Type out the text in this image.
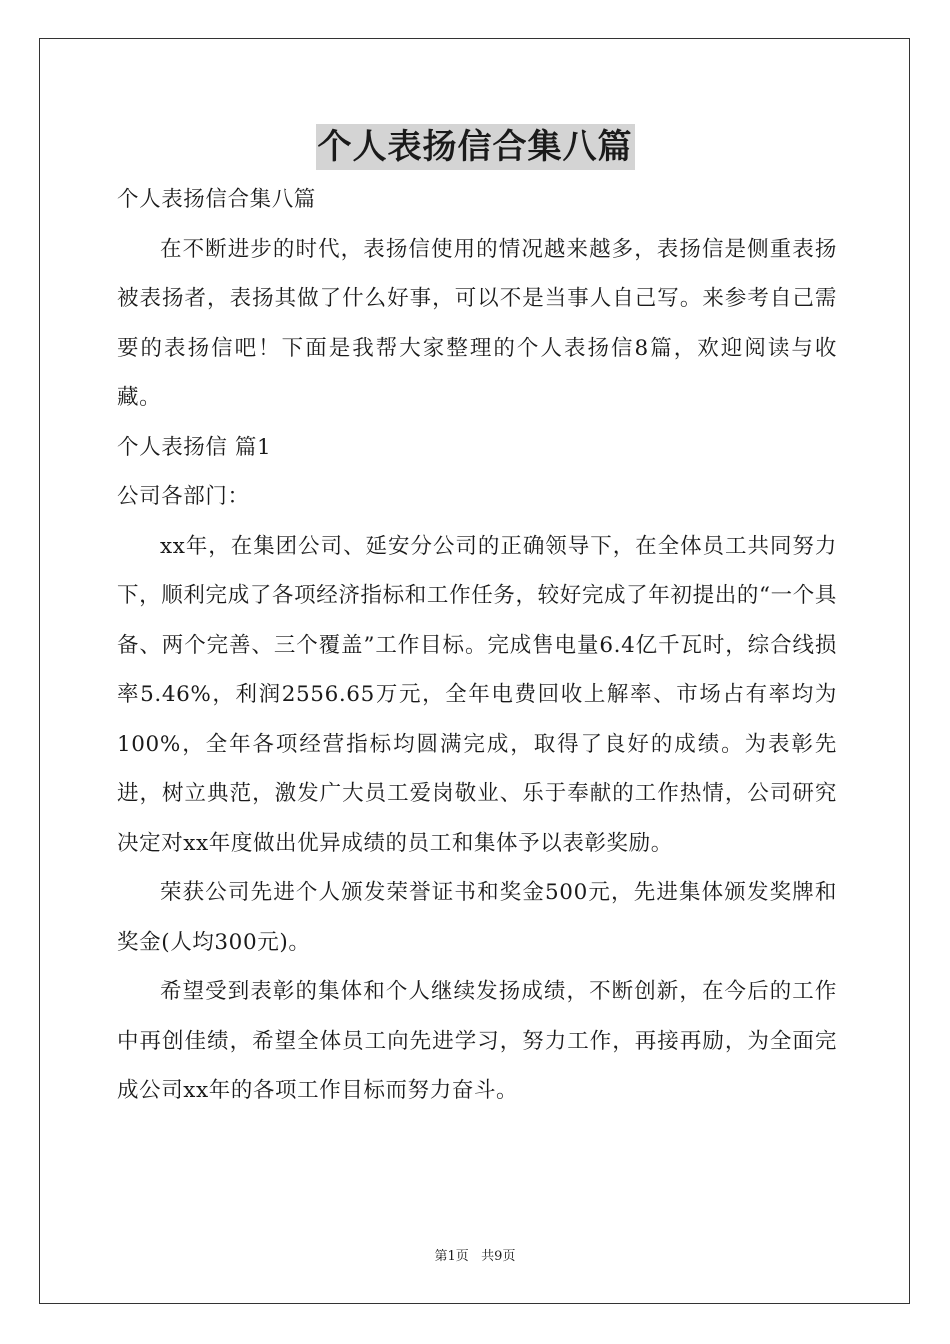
个人表扬信合集八篇

个人表扬信合集八篇

在不断进步的时代，表扬信使用的情况越来越多，表扬信是侧重表扬被表扬者，表扬其做了什么好事，可以不是当事人自己写。来参考自己需要的表扬信吧！下面是我帮大家整理的个人表扬信8篇，欢迎阅读与收藏。

个人表扬信 篇1

公司各部门：

xx年，在集团公司、延安分公司的正确领导下，在全体员工共同努力下，顺利完成了各项经济指标和工作任务，较好完成了年初提出的“一个具备、两个完善、三个覆盖”工作目标。完成售电量6.4亿千瓦时，综合线损率5.46%，利润2556.65万元，全年电费回收上解率、市场占有率均为100%，全年各项经营指标均圆满完成，取得了良好的成绩。为表彰先进，树立典范，激发广大员工爱岗敬业、乐于奉献的工作热情，公司研究决定对xx年度做出优异成绩的员工和集体予以表彰奖励。

荣获公司先进个人颁发荣誉证书和奖金500元，先进集体颁发奖牌和奖金(人均300元)。

希望受到表彰的集体和个人继续发扬成绩，不断创新，在今后的工作中再创佳绩，希望全体员工向先进学习，努力工作，再接再励，为全面完成公司xx年的各项工作目标而努力奋斗。

第1页   共9页
